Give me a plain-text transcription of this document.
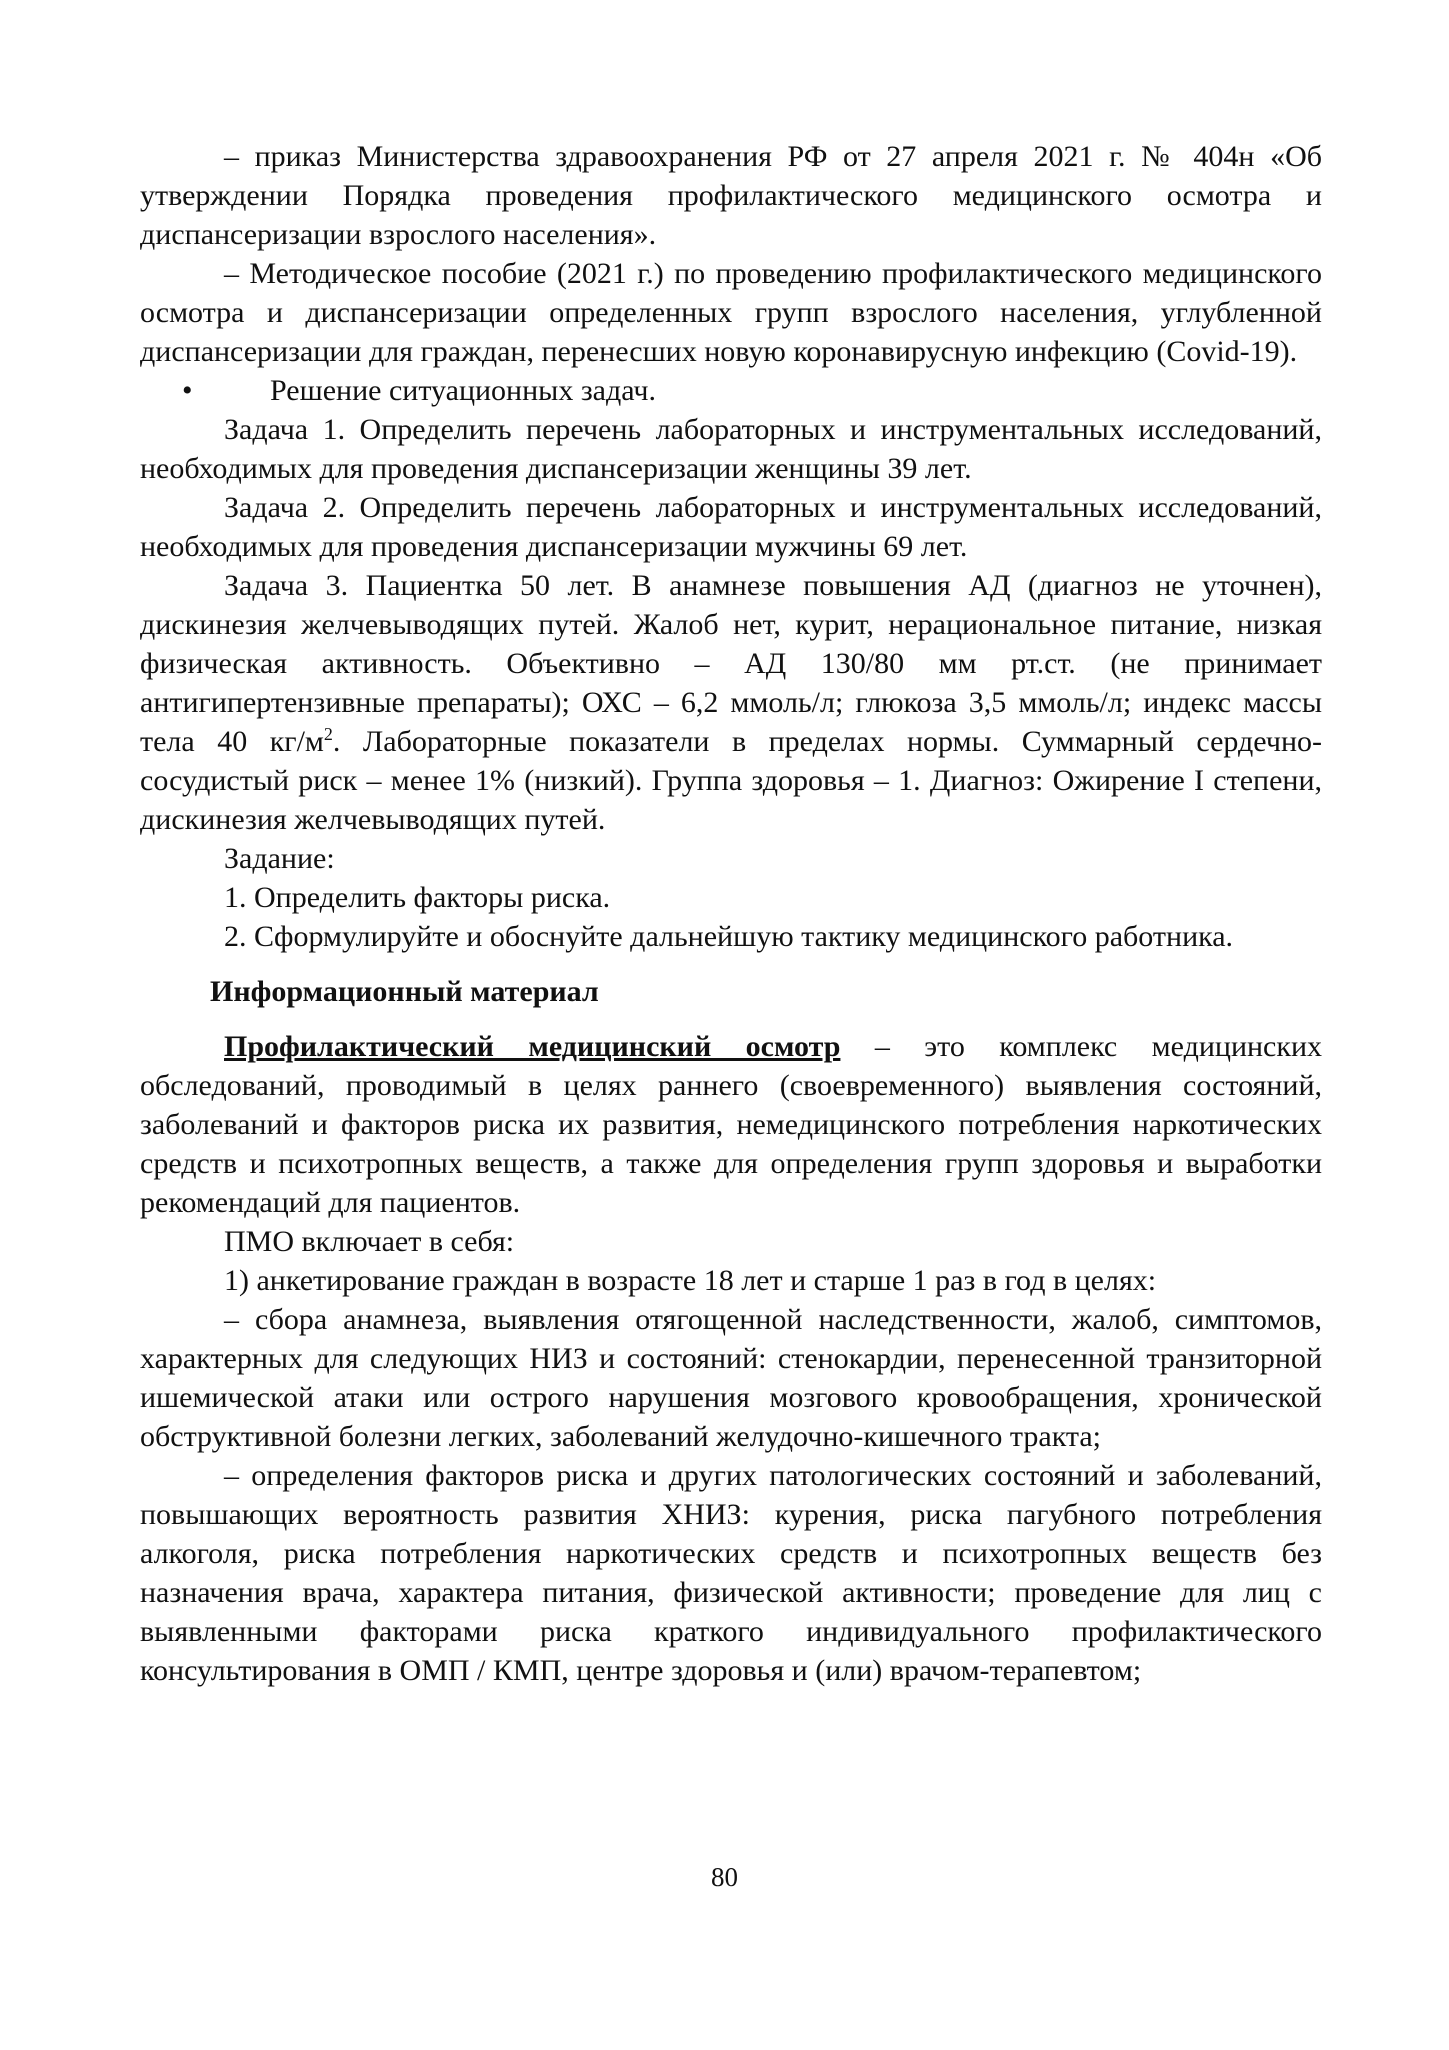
– приказ Министерства здравоохранения РФ от 27 апреля 2021 г. № 404н «Об утверждении Порядка проведения профилактического медицинского осмотра и диспансеризации взрослого населения».

– Методическое пособие (2021 г.) по проведению профилактического медицинского осмотра и диспансеризации определенных групп взрослого населения, углубленной диспансеризации для граждан, перенесших новую коронавирусную инфекцию (Covid-19).

•	Решение ситуационных задач.

Задача 1. Определить перечень лабораторных и инструментальных исследований, необходимых для проведения диспансеризации женщины 39 лет.

Задача 2. Определить перечень лабораторных и инструментальных исследований, необходимых для проведения диспансеризации мужчины 69 лет.

Задача 3. Пациентка 50 лет. В анамнезе повышения АД (диагноз не уточнен), дискинезия желчевыводящих путей. Жалоб нет, курит, нерациональное питание, низкая физическая активность. Объективно – АД 130/80 мм рт.ст. (не принимает антигипертензивные препараты); ОХС – 6,2 ммоль/л; глюкоза 3,5 ммоль/л; индекс массы тела 40 $кг/м^2$. Лабораторные показатели в пределах нормы. Суммарный сердечно-сосудистый риск – менее 1% (низкий). Группа здоровья – 1. Диагноз: Ожирение I степени, дискинезия желчевыводящих путей.

Задание:

1. Определить факторы риска.

2. Сформулируйте и обоснуйте дальнейшую тактику медицинского работника.

Информационный материал

Профилактический медицинский осмотр – это комплекс медицинских обследований, проводимый в целях раннего (своевременного) выявления состояний, заболеваний и факторов риска их развития, немедицинского потребления наркотических средств и психотропных веществ, а также для определения групп здоровья и выработки рекомендаций для пациентов.

ПМО включает в себя:

1) анкетирование граждан в возрасте 18 лет и старше 1 раз в год в целях:

– сбора анамнеза, выявления отягощенной наследственности, жалоб, симптомов, характерных для следующих НИЗ и состояний: стенокардии, перенесенной транзиторной ишемической атаки или острого нарушения мозгового кровообращения, хронической обструктивной болезни легких, заболеваний желудочно-кишечного тракта;

– определения факторов риска и других патологических состояний и заболеваний, повышающих вероятность развития ХНИЗ: курения, риска пагубного потребления алкоголя, риска потребления наркотических средств и психотропных веществ без назначения врача, характера питания, физической активности; проведение для лиц с выявленными факторами риска краткого индивидуального профилактического консультирования в ОМП / КМП, центре здоровья и (или) врачом-терапевтом;

80
